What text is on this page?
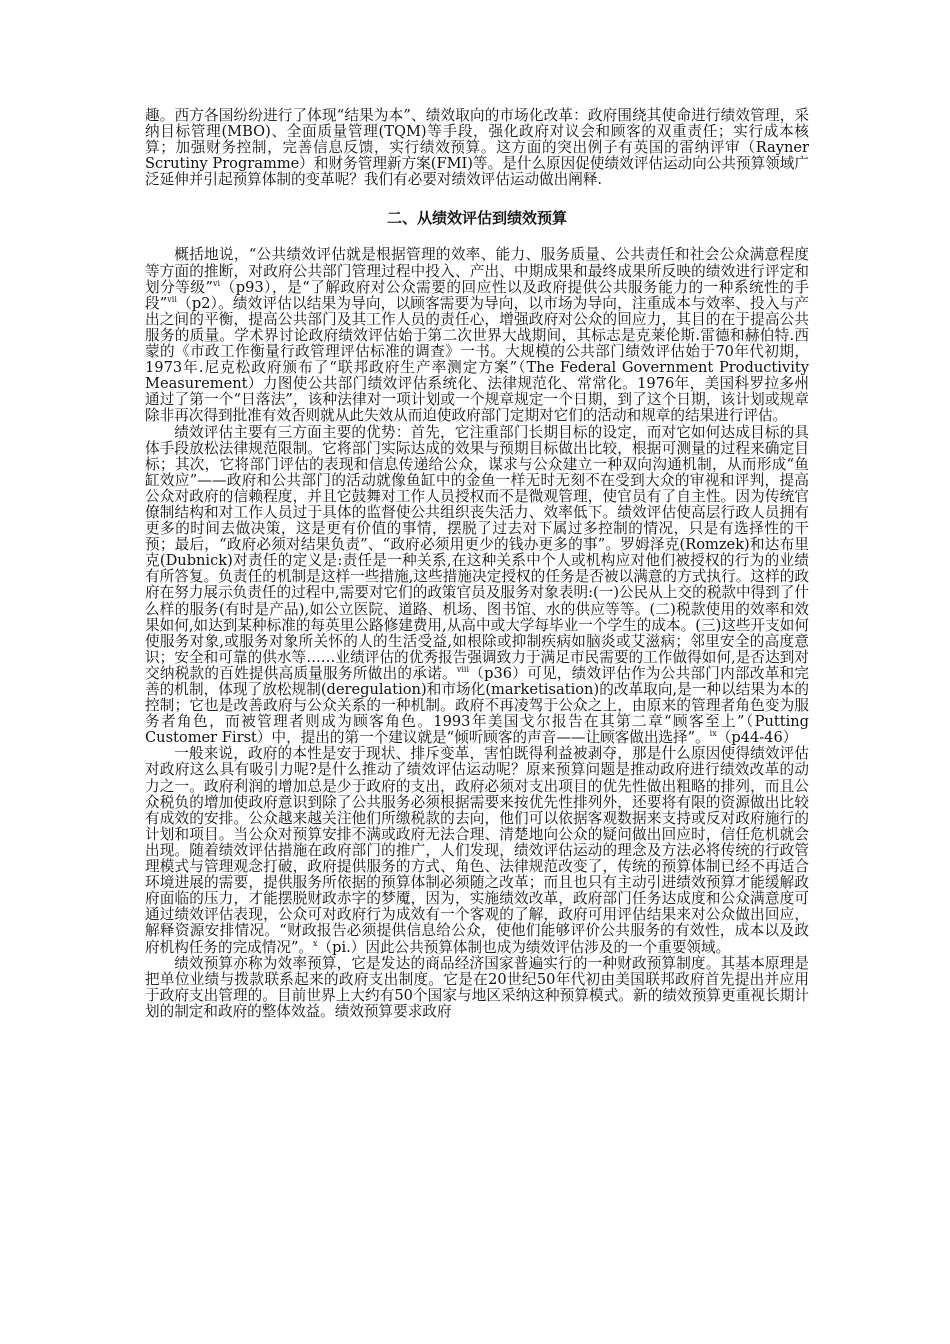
趣。西方各国纷纷进行了体现“结果为本”、绩效取向的市场化改革：政府围绕其使命进行绩效管理，采纳目标管理(MBO)、全面质量管理(TQM)等手段，强化政府对议会和顾客的双重责任；实行成本核算；加强财务控制，完善信息反馈，实行绩效预算。这方面的突出例子有英国的雷纳评审（Rayner Scrutiny Programme）和财务管理新方案(FMI)等。是什么原因促使绩效评估运动向公共预算领域广泛延伸并引起预算体制的变革呢？我们有必要对绩效评估运动做出阐释.

二、从绩效评估到绩效预算

概括地说，“公共绩效评估就是根据管理的效率、能力、服务质量、公共责任和社会公众满意程度等方面的推断，对政府公共部门管理过程中投入、产出、中期成果和最终成果所反映的绩效进行评定和划分等级”$^{vi}$（p93），是“了解政府对公众需要的回应性以及政府提供公共服务能力的一种系统性的手段”$^{vii}$（p2）。绩效评估以结果为导向，以顾客需要为导向，以市场为导向，注重成本与效率、投入与产出之间的平衡，提高公共部门及其工作人员的责任心，增强政府对公众的回应力，其目的在于提高公共服务的质量。学术界讨论政府绩效评估始于第二次世界大战期间，其标志是克莱伦斯.雷德和赫伯特.西蒙的《市政工作衡量行政管理评估标准的调查》一书。大规模的公共部门绩效评估始于70年代初期，1973年.尼克松政府颁布了“联邦政府生产率测定方案”（The Federal Government Productivity Measurement）力图使公共部门绩效评估系统化、法律规范化、常常化。1976年，美国科罗拉多州通过了第一个“日落法”，该种法律对一项计划或一个规章规定一个日期，到了这个日期，该计划或规章除非再次得到批准有效否则就从此失效从而迫使政府部门定期对它们的活动和规章的结果进行评估。

绩效评估主要有三方面主要的优势：首先，它注重部门长期目标的设定，而对它如何达成目标的具体手段放松法律规范限制。它将部门实际达成的效果与预期目标做出比较，根据可测量的过程来确定目标；其次，它将部门评估的表现和信息传递给公众，谋求与公众建立一种双向沟通机制，从而形成“鱼缸效应”——政府和公共部门的活动就像鱼缸中的金鱼一样无时无刻不在受到大众的审视和评判，提高公众对政府的信赖程度，并且它鼓舞对工作人员授权而不是微观管理，使官员有了自主性。因为传统官僚制结构和对工作人员过于具体的监督使公共组织丧失活力、效率低下。绩效评估使高层行政人员拥有更多的时间去做决策，这是更有价值的事情，摆脱了过去对下属过多控制的情况，只是有选择性的干预；最后，“政府必须对结果负责”、“政府必须用更少的钱办更多的事”。罗姆泽克(Romzek)和达布里克(Dubnick)对责任的定义是:责任是一种关系,在这种关系中个人或机构应对他们被授权的行为的业绩有所答复。负责任的机制是这样一些措施,这些措施决定授权的任务是否被以满意的方式执行。这样的政府在努力展示负责任的过程中,需要对它们的政策官员及服务对象表明:(一)公民从上交的税款中得到了什么样的服务(有时是产品),如公立医院、道路、机场、图书馆、水的供应等等。(二)税款使用的效率和效果如何,如达到某种标准的每英里公路修建费用,从高中或大学每毕业一个学生的成本。(三)这些开支如何使服务对象,或服务对象所关怀的人的生活受益,如根除或抑制疾病如脑炎或艾滋病；邻里安全的高度意识；安全和可靠的供水等……业绩评估的优秀报告强调致力于满足市民需要的工作做得如何,是否达到对交纳税款的百姓提供高质量服务所做出的承诺。$^{viii}$（p36）可见，绩效评估作为公共部门内部改革和完善的机制，体现了放松规制(deregulation)和市场化(marketisation)的改革取向,是一种以结果为本的控制；它也是改善政府与公众关系的一种机制。政府不再凌驾于公众之上，由原来的管理者角色变为服务者角色，而被管理者则成为顾客角色。1993年美国戈尔报告在其第二章“顾客至上”（Putting Customer First）中，提出的第一个建议就是“倾听顾客的声音——让顾客做出选择”。$^{ix}$（p44-46）

一般来说，政府的本性是安于现状、排斥变革，害怕既得利益被剥夺，那是什么原因使得绩效评估对政府这么具有吸引力呢?是什么推动了绩效评估运动呢？原来预算问题是推动政府进行绩效改革的动力之一。政府利润的增加总是少于政府的支出，政府必须对支出项目的优先性做出粗略的排列，而且公众税负的增加使政府意识到除了公共服务必须根据需要来按优先性排列外，还要将有限的资源做出比较有成效的安排。公众越来越关注他们所缴税款的去向，他们可以依据客观数据来支持或反对政府施行的计划和项目。当公众对预算安排不满或政府无法合理、清楚地向公众的疑问做出回应时，信任危机就会出现。随着绩效评估措施在政府部门的推广，人们发现，绩效评估运动的理念及方法必将传统的行政管理模式与管理观念打破，政府提供服务的方式、角色、法律规范改变了，传统的预算体制已经不再适合环境进展的需要，提供服务所依据的预算体制必须随之改革；而且也只有主动引进绩效预算才能缓解政府面临的压力，才能摆脱财政赤字的梦魇，因为，实施绩效改革，政府部门任务达成度和公众满意度可通过绩效评估表现，公众可对政府行为成效有一个客观的了解，政府可用评估结果来对公众做出回应，解释资源安排情况。“财政报告必须提供信息给公众，使他们能够评价公共服务的有效性，成本以及政府机构任务的完成情况”。$^x$（pi.）因此公共预算体制也成为绩效评估涉及的一个重要领域。

绩效预算亦称为效率预算，它是发达的商品经济国家普遍实行的一种财政预算制度。其基本原理是把单位业绩与拨款联系起来的政府支出制度。它是在20世纪50年代初由美国联邦政府首先提出并应用于政府支出管理的。目前世界上大约有50个国家与地区采纳这种预算模式。新的绩效预算更重视长期计划的制定和政府的整体效益。绩效预算要求政府
